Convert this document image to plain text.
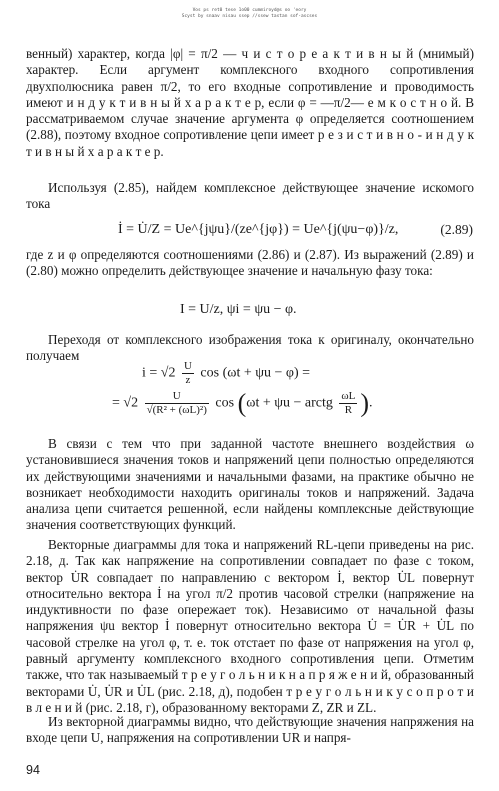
Vos ps ret0 tese 1o00 cummiroyd@s oo 'eory
Scyst by snaav nisau ssep //ssew tastan sof-ascses

венный) характер, когда |φ| = π/2 — ч и с т о р е а к т и в н ы й (мнимый) характер. Если аргумент комплексного входного сопротивления двухполюсника равен π/2, то его входные сопротивление и проводимость имеют и н д у к т и в н ы й х а р а к т е р, если φ = —π/2— е м к о с т н о й. В рассматриваемом случае значение аргумента φ определяется соотношением (2.88), поэтому входное сопротивление цепи имеет р е з и с т и в н о - и н д у к т и в н ы й х а р а к т е р.

Используя (2.85), найдем комплексное действующее значение искомого тока

İ = U̇/Z = Ue^{jψu}/(ze^{jφ}) = Ue^{j(ψu−φ)}/z,	(2.89)

где z и φ определяются соотношениями (2.86) и (2.87). Из выражений (2.89) и (2.80) можно определить действующее значение и начальную фазу тока:

I = U/z, ψi = ψu − φ.

Переходя от комплексного изображения тока к оригиналу, окончательно получаем

$i = √2 \frac{U}{z}$ cos (ωt + ψu − φ) =
= $√2 \frac{U}{\text{√(R² + (ωL)²)}}$ cos (ωt + ψu − arctg $\frac{\omega L}{R}$ ).

В связи с тем что при заданной частоте внешнего воздействия ω установившиеся значения токов и напряжений цепи полностью определяются их действующими значениями и начальными фазами, на практике обычно не возникает необходимости находить оригиналы токов и напряжений. Задача анализа цепи считается решенной, если найдены комплексные действующие значения соответствующих функций.

Векторные диаграммы для тока и напряжений RL-цепи приведены на рис. 2.18, д. Так как напряжение на сопротивлении совпадает по фазе с током, вектор U̇R совпадает по направлению с вектором İ, вектор U̇L повернут относительно вектора İ на угол π/2 против часовой стрелки (напряжение на индуктивности по фазе опережает ток). Независимо от начальной фазы напряжения ψu вектор İ повернут относительно вектора U̇ = U̇R + U̇L по часовой стрелке на угол φ, т. е. ток отстает по фазе от напряжения на угол φ, равный аргументу комплексного входного сопротивления цепи. Отметим также, что так называемый т р е у г о л ь н и к н а п р я ж е н и й, образованный векторами U̇, U̇R и U̇L (рис. 2.18, д), подобен т р е у г о л ь н и к у с о п р о т и в л е н и й (рис. 2.18, г), образованному векторами Z, ZR и ZL.

Из векторной диаграммы видно, что действующие значения напряжения на входе цепи U, напряжения на сопротивлении UR и напря-

94
